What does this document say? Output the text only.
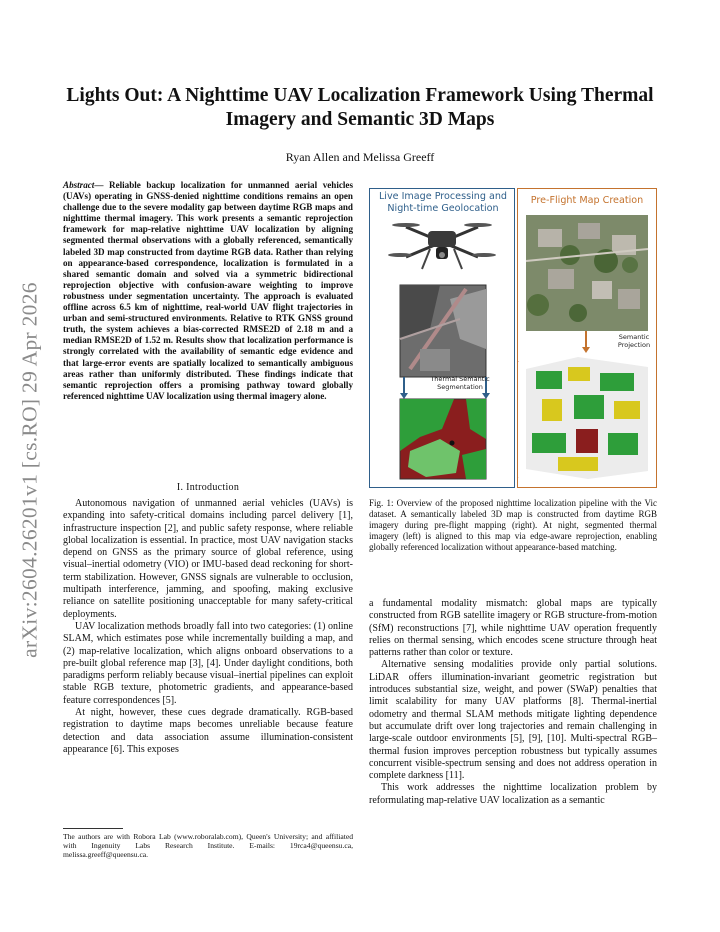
arXiv:2604.26201v1 [cs.RO] 29 Apr 2026
Lights Out: A Nighttime UAV Localization Framework Using Thermal Imagery and Semantic 3D Maps
Ryan Allen and Melissa Greeff
Abstract— Reliable backup localization for unmanned aerial vehicles (UAVs) operating in GNSS-denied nighttime conditions remains an open challenge due to the severe modality gap between daytime RGB maps and nighttime thermal imagery. This work presents a semantic reprojection framework for map-relative nighttime UAV localization by aligning segmented thermal observations with a globally referenced, semantically labeled 3D map constructed from daytime RGB data. Rather than relying on appearance-based correspondence, localization is formulated in a shared semantic domain and solved via a symmetric bidirectional reprojection objective with confusion-aware weighting to improve robustness under segmentation uncertainty. The approach is evaluated offline across 6.5 km of nighttime, real-world UAV flight trajectories in urban and semi-structured environments. Relative to RTK GNSS ground truth, the system achieves a bias-corrected RMSE2D of 2.18 m and a median RMSE2D of 1.52 m. Results show that localization performance is strongly correlated with the availability of semantic edge evidence and that large-error events are spatially localized to semantically ambiguous areas rather than uniformly distributed. These findings indicate that semantic reprojection offers a promising pathway toward globally referenced nighttime UAV localization using thermal imagery alone.
I. Introduction

Autonomous navigation of unmanned aerial vehicles (UAVs) is expanding into safety-critical domains including parcel delivery [1], infrastructure inspection [2], and public safety response, where reliable global localization is essential. In practice, most UAV navigation stacks depend on GNSS as the primary source of global reference, using visual–inertial odometry (VIO) or IMU-based dead reckoning for short-term stabilization. However, GNSS signals are vulnerable to occlusion, multipath interference, jamming, and spoofing, making exclusive reliance on satellite positioning unacceptable for many safety-critical deployments.

UAV localization methods broadly fall into two categories: (1) online SLAM, which estimates pose while incrementally building a map, and (2) map-relative localization, which aligns onboard observations to a pre-built global reference map [3], [4]. Under daylight conditions, both paradigms perform reliably because visual–inertial pipelines can exploit stable RGB texture, photometric gradients, and appearance-based feature correspondences [5].

At night, however, these cues degrade dramatically. RGB-based registration to daytime maps becomes unreliable because feature detection and data association assume illumination-consistent appearance [6]. This exposes

The authors are with Robora Lab (www.roboralab.com), Queen's University; and affiliated with Ingenuity Labs Research Institute. E-mails: 19rca4@queensu.ca, melissa.greeff@queensu.ca.
Live Image Processing and Night-time Geolocation
Thermal Semantic Segmentation
Pre-Flight Map Creation
Semantic Projection
Fig. 1: Overview of the proposed nighttime localization pipeline with the Vic dataset. A semantically labeled 3D map is constructed from daytime RGB imagery during pre-flight mapping (right). At night, segmented thermal imagery (left) is aligned to this map via edge-aware reprojection, enabling globally referenced localization without appearance-based matching.

a fundamental modality mismatch: global maps are typically constructed from RGB satellite imagery or RGB structure-from-motion (SfM) reconstructions [7], while nighttime UAV operation frequently relies on thermal sensing, which encodes scene structure through heat patterns rather than color or texture.

Alternative sensing modalities provide only partial solutions. LiDAR offers illumination-invariant geometric registration but introduces substantial size, weight, and power (SWaP) penalties that limit scalability for many UAV platforms [8]. Thermal-inertial odometry and thermal SLAM methods mitigate lighting dependence but accumulate drift over long trajectories and remain challenging in large-scale outdoor environments [5], [9], [10]. Multi-spectral RGB–thermal fusion improves perception robustness but typically assumes concurrent visible-spectrum sensing and does not address operation in complete darkness [11].

This work addresses the nighttime localization problem by reformulating map-relative UAV localization as a semantic
